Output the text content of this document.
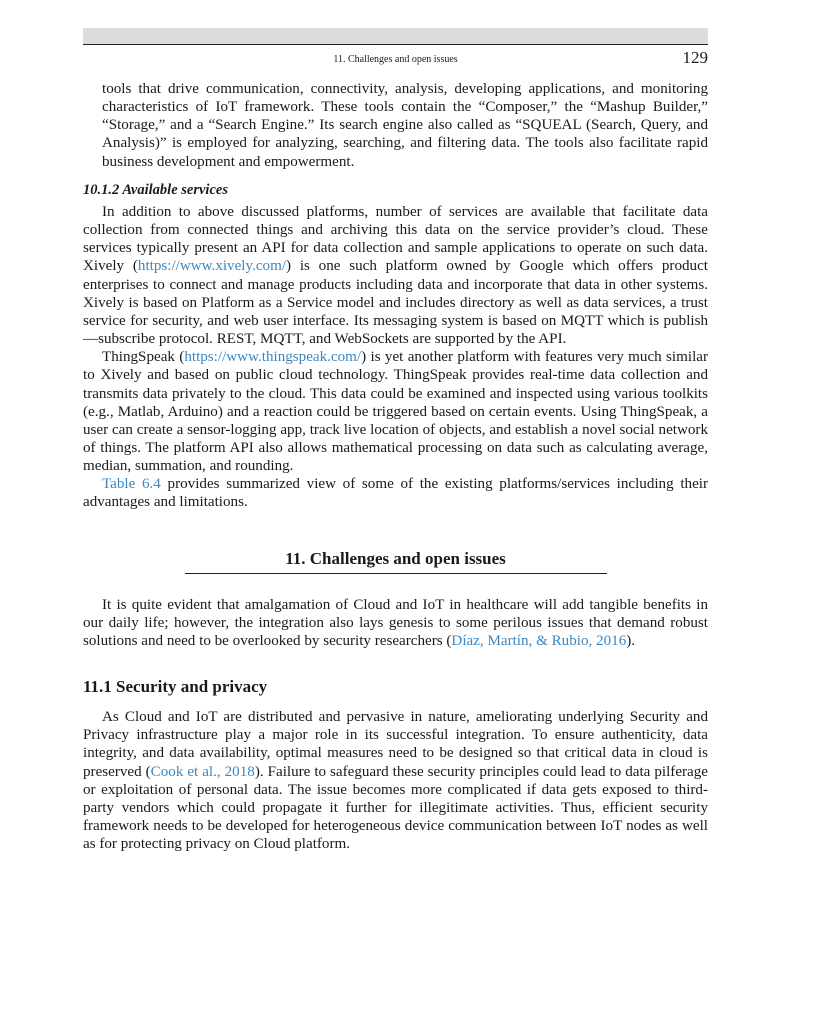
11. Challenges and open issues	129

tools that drive communication, connectivity, analysis, developing applications, and monitoring characteristics of IoT framework. These tools contain the “Composer,” the “Mashup Builder,” “Storage,” and a “Search Engine.” Its search engine also called as “SQUEAL (Search, Query, and Analysis)” is employed for analyzing, searching, and filtering data. The tools also facilitate rapid business development and empowerment.

10.1.2 Available services

In addition to above discussed platforms, number of services are available that facilitate data collection from connected things and archiving this data on the service provider’s cloud. These services typically present an API for data collection and sample applications to operate on such data. Xively (https://www.xively.com/) is one such platform owned by Google which offers product enterprises to connect and manage products including data and incorporate that data in other systems. Xively is based on Platform as a Service model and includes directory as well as data services, a trust service for security, and web user interface. Its messaging system is based on MQTT which is publish—subscribe protocol. REST, MQTT, and WebSockets are supported by the API.

ThingSpeak (https://www.thingspeak.com/) is yet another platform with features very much similar to Xively and based on public cloud technology. ThingSpeak provides real-time data collection and transmits data privately to the cloud. This data could be examined and inspected using various toolkits (e.g., Matlab, Arduino) and a reaction could be triggered based on certain events. Using ThingSpeak, a user can create a sensor-logging app, track live location of objects, and establish a novel social network of things. The platform API also allows mathematical processing on data such as calculating average, median, summation, and rounding.

Table 6.4 provides summarized view of some of the existing platforms/services including their advantages and limitations.

11. Challenges and open issues

It is quite evident that amalgamation of Cloud and IoT in healthcare will add tangible benefits in our daily life; however, the integration also lays genesis to some perilous issues that demand robust solutions and need to be overlooked by security researchers (Díaz, Martín, & Rubio, 2016).

11.1 Security and privacy

As Cloud and IoT are distributed and pervasive in nature, ameliorating underlying Security and Privacy infrastructure play a major role in its successful integration. To ensure authenticity, data integrity, and data availability, optimal measures need to be designed so that critical data in cloud is preserved (Cook et al., 2018). Failure to safeguard these security principles could lead to data pilferage or exploitation of personal data. The issue becomes more complicated if data gets exposed to third-party vendors which could propagate it further for illegitimate activities. Thus, efficient security framework needs to be developed for heterogeneous device communication between IoT nodes as well as for protecting privacy on Cloud platform.
